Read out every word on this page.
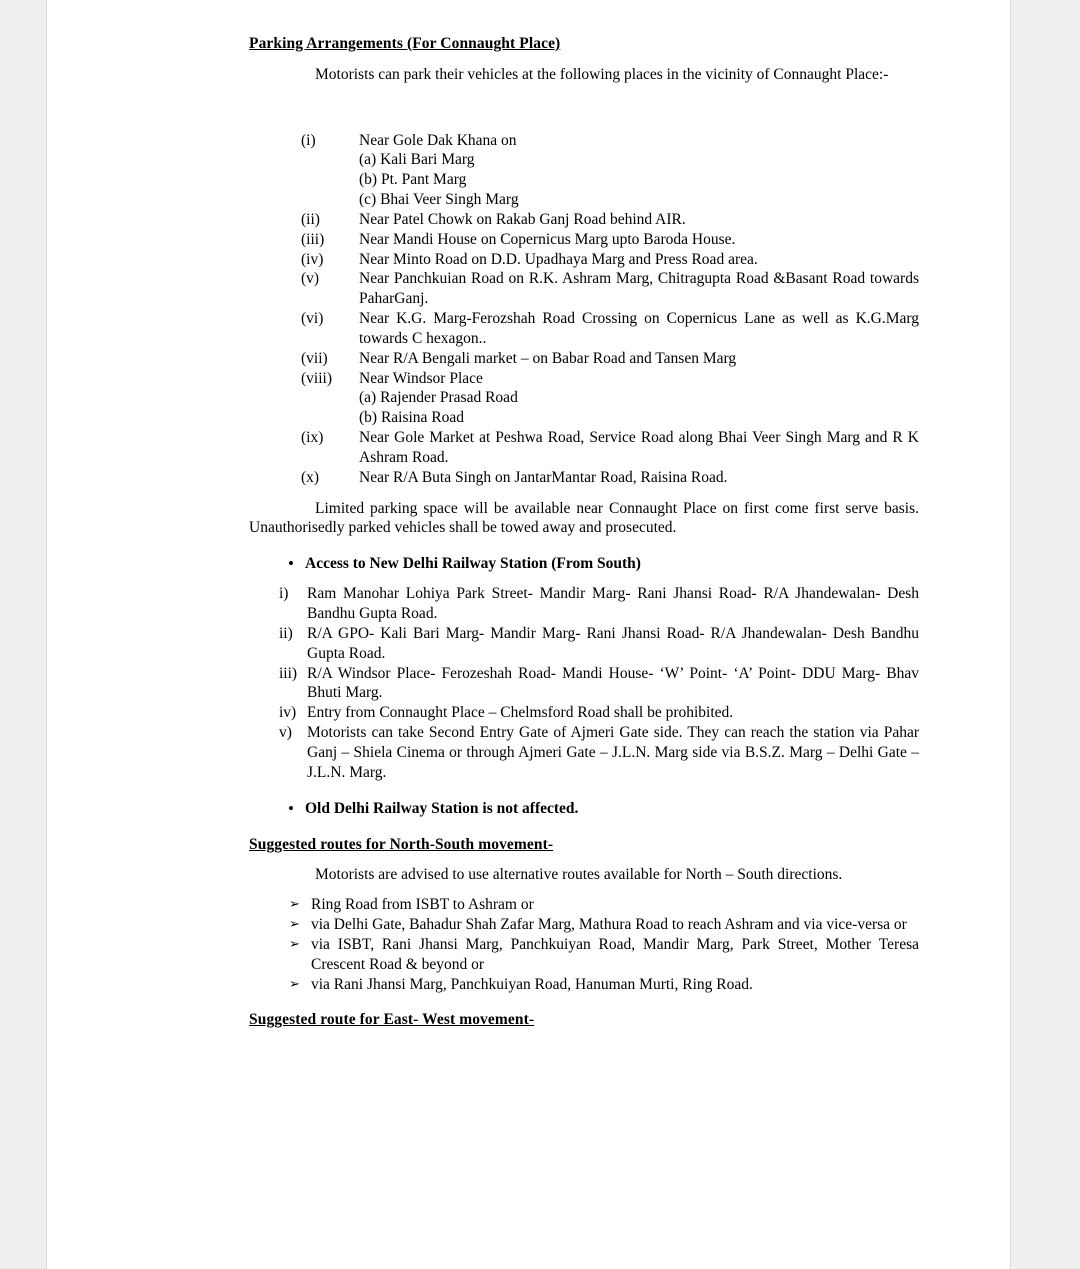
Parking Arrangements (For Connaught Place)
Motorists can park their vehicles at the following places in the vicinity of Connaught Place:-
(i)	Near Gole Dak Khana on
(a) Kali Bari Marg
(b) Pt. Pant Marg
(c) Bhai Veer Singh Marg
(ii)	Near Patel Chowk on Rakab Ganj Road behind AIR.
(iii)	Near Mandi House on Copernicus Marg upto Baroda House.
(iv)	Near Minto Road on D.D. Upadhaya Marg and Press Road area.
(v)	Near Panchkuian Road on R.K. Ashram Marg, Chitragupta Road &Basant Road towards PaharGanj.
(vi)	Near K.G. Marg-Ferozshah Road Crossing on Copernicus Lane as well as K.G.Marg towards C hexagon..
(vii)	Near R/A Bengali market – on Babar Road and Tansen Marg
(viii)	Near Windsor Place
(a) Rajender Prasad Road
(b) Raisina Road
(ix)	Near Gole Market at Peshwa Road, Service Road along Bhai Veer Singh Marg and R K Ashram Road.
(x)	Near R/A Buta Singh on JantarMantar Road, Raisina Road.
Limited parking space will be available near Connaught Place on first come first serve basis. Unauthorisedly parked vehicles shall be towed away and prosecuted.
• Access to New Delhi Railway Station (From South)
i)	Ram Manohar Lohiya Park Street- Mandir Marg- Rani Jhansi Road- R/A Jhandewalan- Desh Bandhu Gupta Road.
ii) R/A GPO- Kali Bari Marg- Mandir Marg- Rani Jhansi Road- R/A Jhandewalan- Desh Bandhu Gupta Road.
iii) R/A Windsor Place- Ferozeshah Road- Mandi House- ‘W’ Point- ‘A’ Point- DDU Marg- Bhav Bhuti Marg.
iv) Entry from Connaught Place – Chelmsford Road shall be prohibited.
v) Motorists can take Second Entry Gate of Ajmeri Gate side. They can reach the station via Pahar Ganj – Shiela Cinema or through Ajmeri Gate – J.L.N. Marg side via B.S.Z. Marg – Delhi Gate – J.L.N. Marg.
• Old Delhi Railway Station is not affected.
Suggested routes for North-South movement-
Motorists are advised to use alternative routes available for North – South directions.
➢ Ring Road from ISBT to Ashram or
➢ via Delhi Gate, Bahadur Shah Zafar Marg, Mathura Road to reach Ashram and via vice-versa or
➢ via ISBT, Rani Jhansi Marg, Panchkuiyan Road, Mandir Marg, Park Street, Mother Teresa Crescent Road & beyond or
➢ via Rani Jhansi Marg, Panchkuiyan Road, Hanuman Murti, Ring Road.
Suggested route for East- West movement-
